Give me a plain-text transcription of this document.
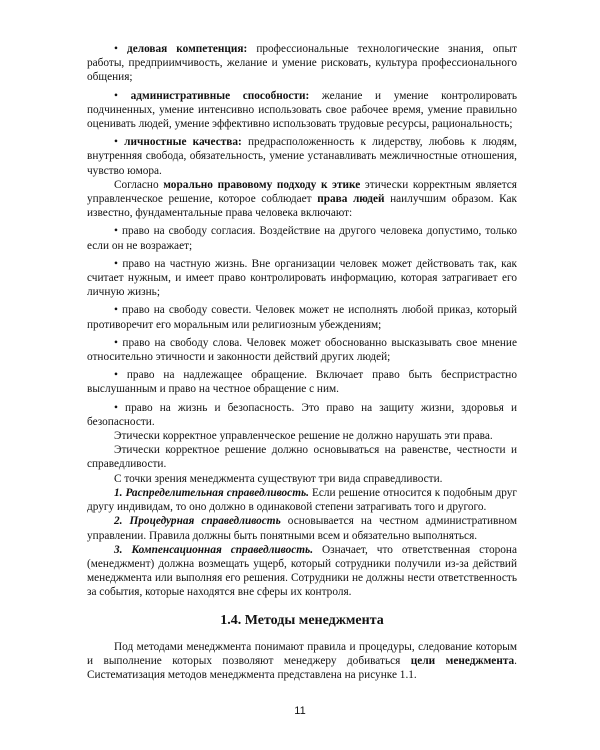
• деловая компетенция: профессиональные технологические знания, опыт работы, предприимчивость, желание и умение рисковать, культура профессионального общения;

• административные способности: желание и умение контролировать подчиненных, умение интенсивно использовать свое рабочее время, умение правильно оценивать людей, умение эффективно использовать трудовые ресурсы, рациональность;

• личностные качества: предрасположенность к лидерству, любовь к людям, внутренняя свобода, обязательность, умение устанавливать межличностные отношения, чувство юмора.

Согласно морально правовому подходу к этике этически корректным является управленческое решение, которое соблюдает права людей наилучшим образом. Как известно, фундаментальные права человека включают:

• право на свободу согласия. Воздействие на другого человека допустимо, только если он не возражает;

• право на частную жизнь. Вне организации человек может действовать так, как считает нужным, и имеет право контролировать информацию, которая затрагивает его личную жизнь;

• право на свободу совести. Человек может не исполнять любой приказ, который противоречит его моральным или религиозным убеждениям;

• право на свободу слова. Человек может обоснованно высказывать свое мнение относительно этичности и законности действий других людей;

• право на надлежащее обращение. Включает право быть беспристрастно выслушанным и право на честное обращение с ним.

• право на жизнь и безопасность. Это право на защиту жизни, здоровья и безопасности.

Этически корректное управленческое решение не должно нарушать эти права.

Этически корректное решение должно основываться на равенстве, честности и справедливости.

С точки зрения менеджмента существуют три вида справедливости.

1. Распределительная справедливость. Если решение относится к подобным друг другу индивидам, то оно должно в одинаковой степени затрагивать того и другого.

2. Процедурная справедливость основывается на честном административном управлении. Правила должны быть понятными всем и обязательно выполняться.

3. Компенсационная справедливость. Означает, что ответственная сторона (менеджмент) должна возмещать ущерб, который сотрудники получили из-за действий менеджмента или выполняя его решения. Сотрудники не должны нести ответственность за события, которые находятся вне сферы их контроля.

1.4. Методы менеджмента

Под методами менеджмента понимают правила и процедуры, следование которым и выполнение которых позволяют менеджеру добиваться цели менеджмента. Систематизация методов менеджмента представлена на рисунке 1.1.

11
